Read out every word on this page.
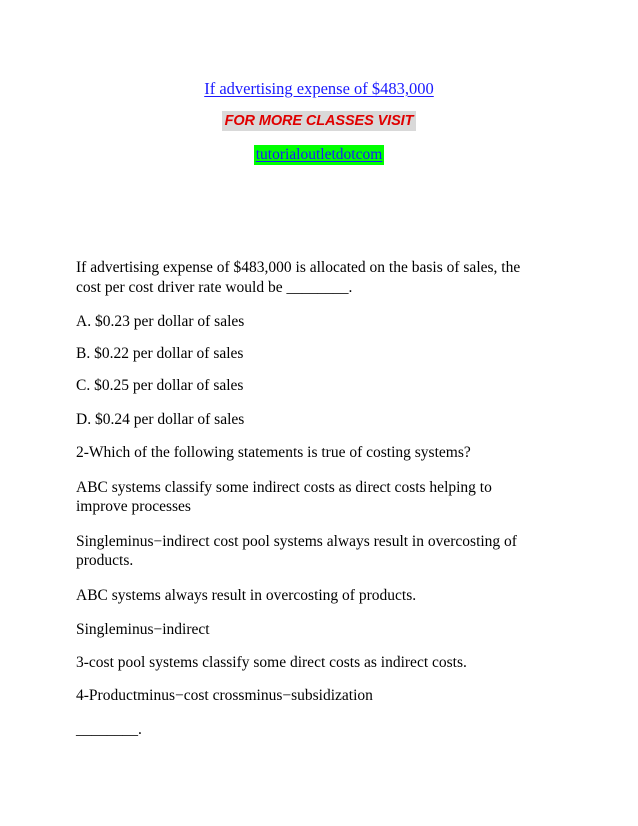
If advertising expense of $483,000
FOR MORE CLASSES VISIT
tutorialoutletdotcom
If advertising expense of $483,000 is allocated on the basis of sales, the
cost per cost driver rate would be ________.
A. $0.23 per dollar of sales
B. $0.22 per dollar of sales
C. $0.25 per dollar of sales
D. $0.24 per dollar of sales
2-Which of the following statements is true of costing systems?
ABC systems classify some indirect costs as direct costs helping to
improve processes
Singleminus−indirect cost pool systems always result in overcosting of
products.
ABC systems always result in overcosting of products.
Singleminus−indirect
3-cost pool systems classify some direct costs as indirect costs.
4-Productminus−cost crossminus−subsidization
________.
